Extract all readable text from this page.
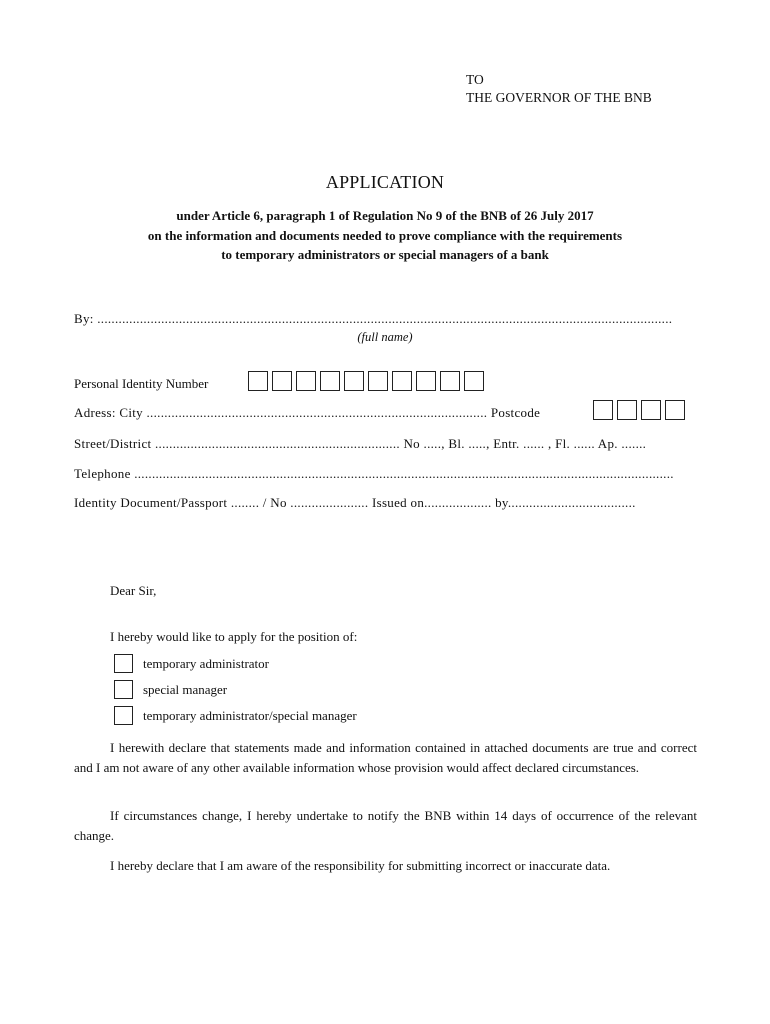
TO
THE GOVERNOR OF THE BNB
APPLICATION
under Article 6, paragraph 1 of Regulation No 9 of the BNB of 26 July 2017
on the information and documents needed to prove compliance with the requirements
to temporary administrators or special managers of a bank
By: ..................................................................................................................................................................
(full name)
Personal Identity Number
Adress: City ................................................................................................ Postcode
Street/District ..................................................................... No ....., Bl. ....., Entr. ...... , Fl. ...... Ap. .......
Telephone ........................................................................................................................................................
Identity Document/Passport ........ / No ...................... Issued on................... by....................................
Dear Sir,
I hereby would like to apply for the position of:
temporary administrator
special manager
temporary administrator/special manager
I herewith declare that statements made and information contained in attached documents are true and correct and I am not aware of any other available information whose provision would affect declared circumstances.
If circumstances change, I hereby undertake to notify the BNB within 14 days of occurrence of the relevant change.
I hereby declare that I am aware of the responsibility for submitting incorrect or inaccurate data.
